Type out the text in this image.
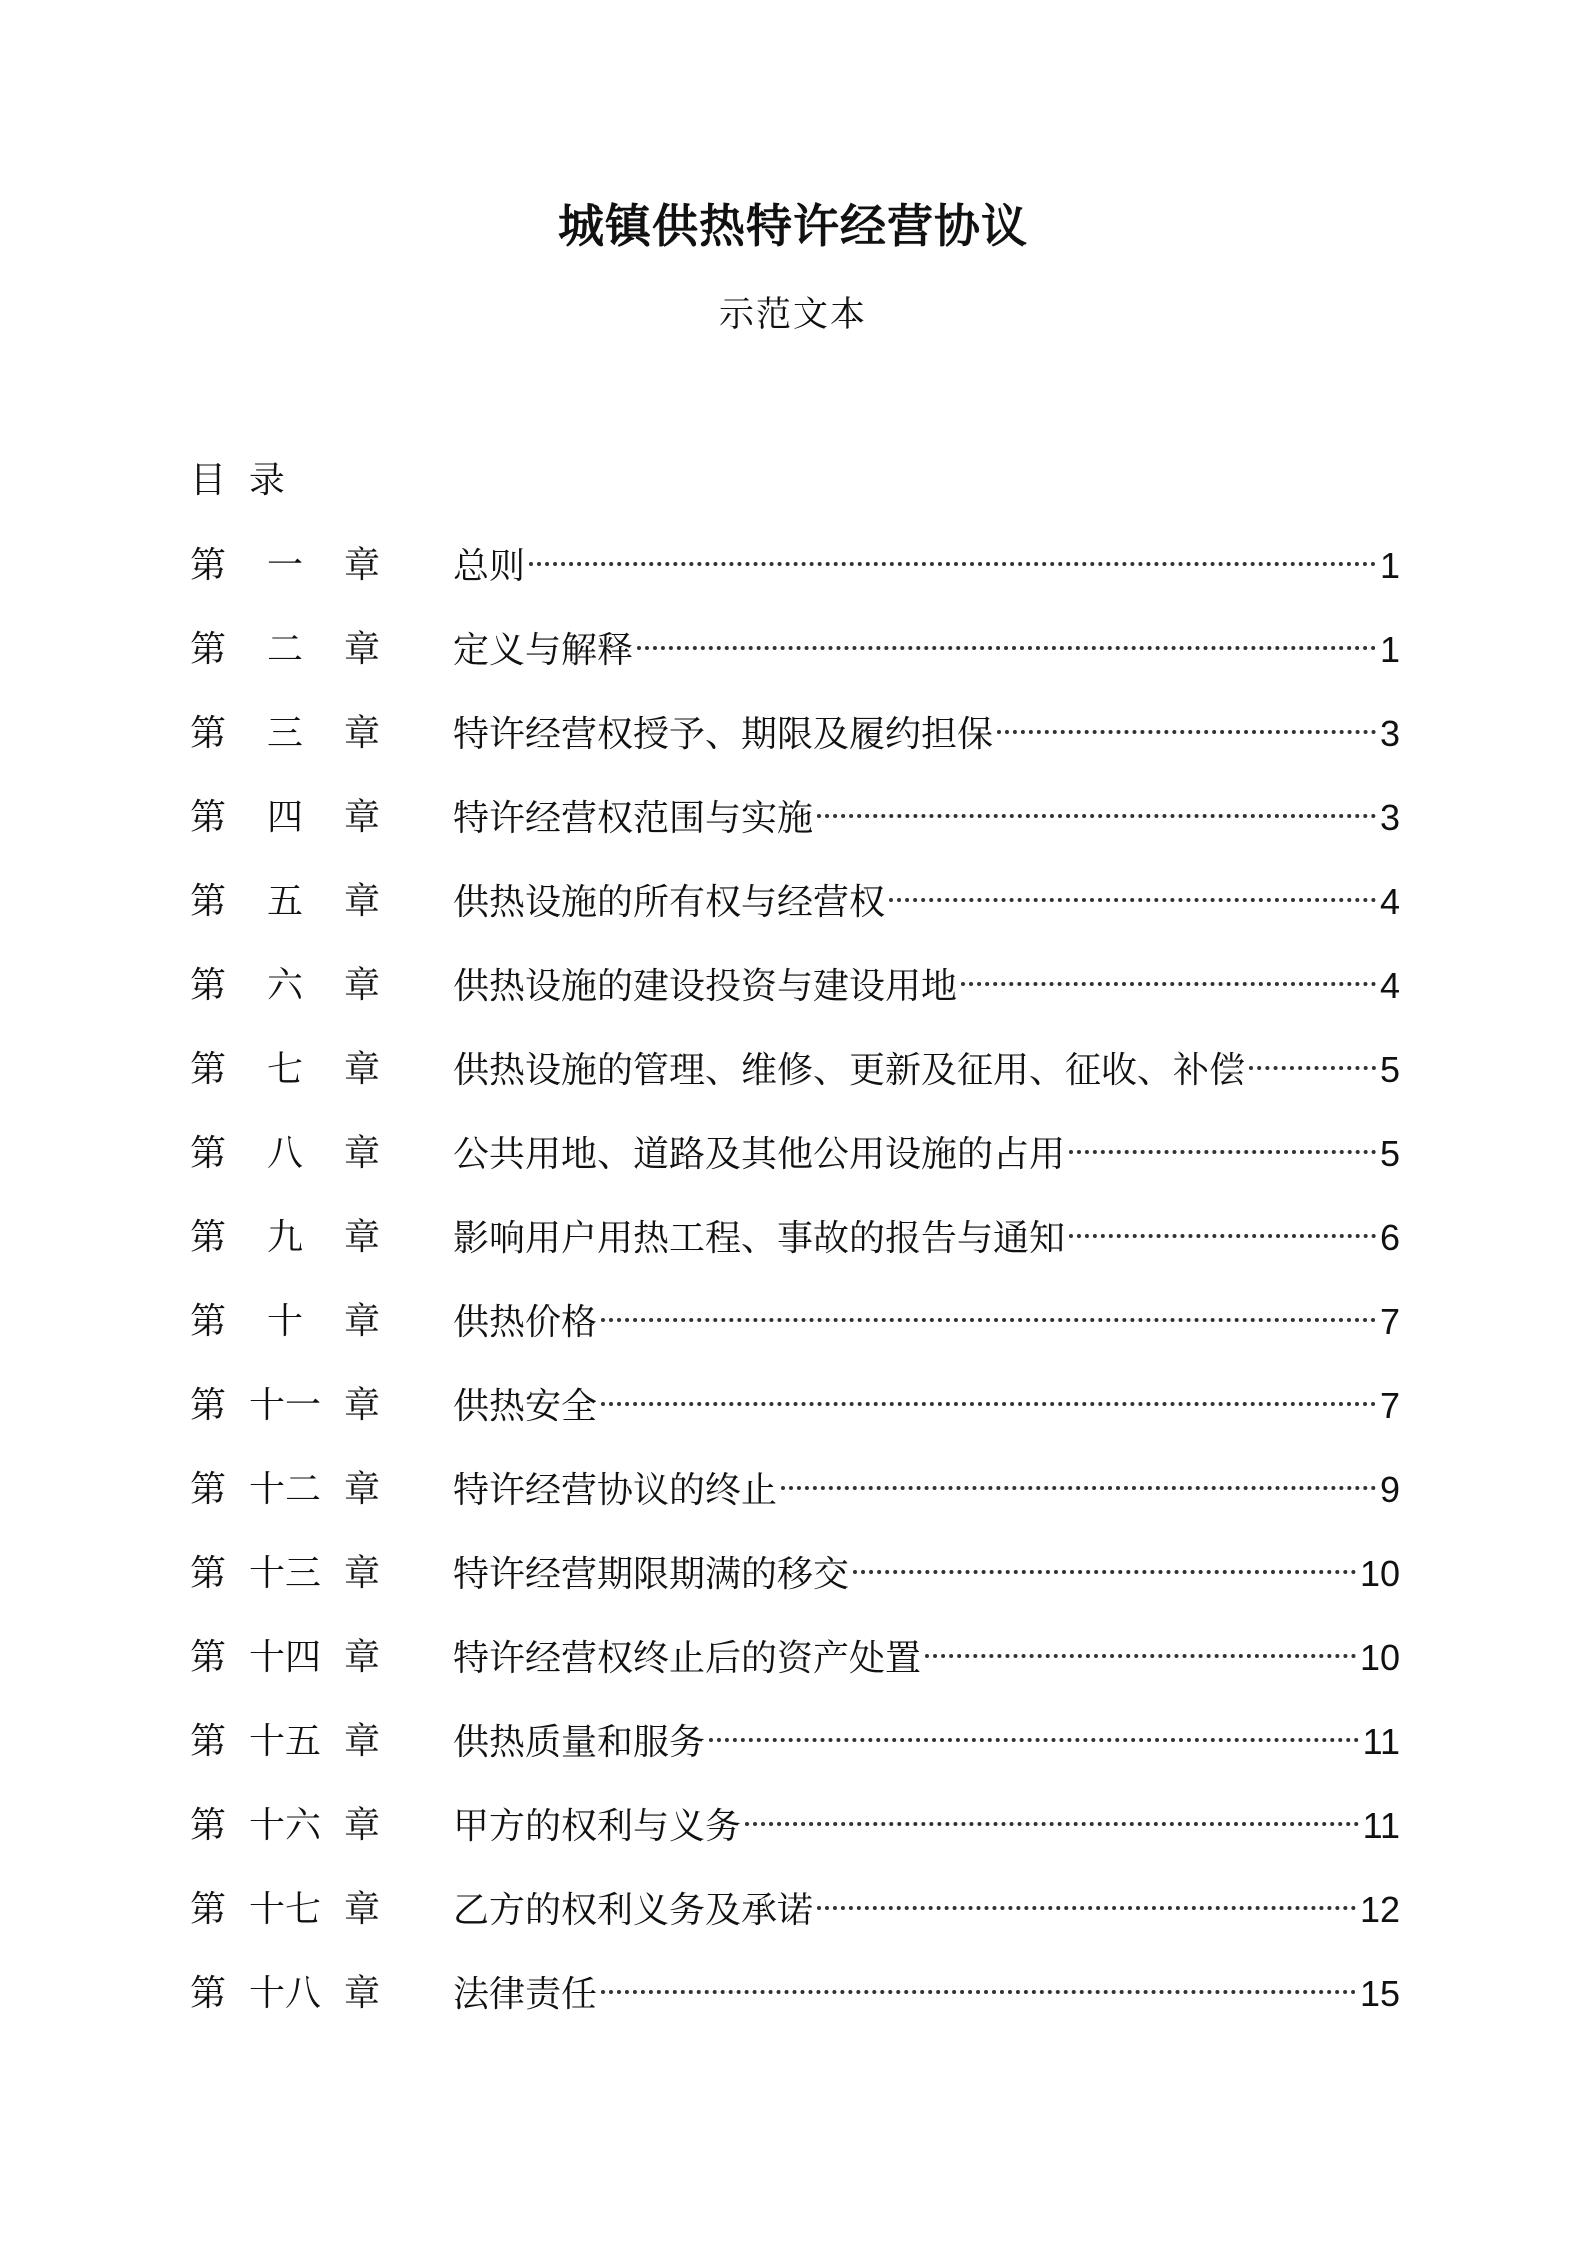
城镇供热特许经营协议
示范文本
目  录
第 一 章 总则	1
第 二 章 定义与解释	1
第 三 章 特许经营权授予、期限及履约担保	3
第 四 章 特许经营权范围与实施	3
第 五 章 供热设施的所有权与经营权	4
第 六 章 供热设施的建设投资与建设用地	4
第 七 章 供热设施的管理、维修、更新及征用、征收、补偿	5
第 八 章 公共用地、道路及其他公用设施的占用	5
第 九 章 影响用户用热工程、事故的报告与通知	6
第 十 章 供热价格	7
第 十一 章 供热安全	7
第 十二 章 特许经营协议的终止	9
第 十三 章 特许经营期限期满的移交	10
第 十四 章 特许经营权终止后的资产处置	10
第 十五 章 供热质量和服务	11
第 十六 章 甲方的权利与义务	11
第 十七 章 乙方的权利义务及承诺	12
第 十八 章 法律责任	15
